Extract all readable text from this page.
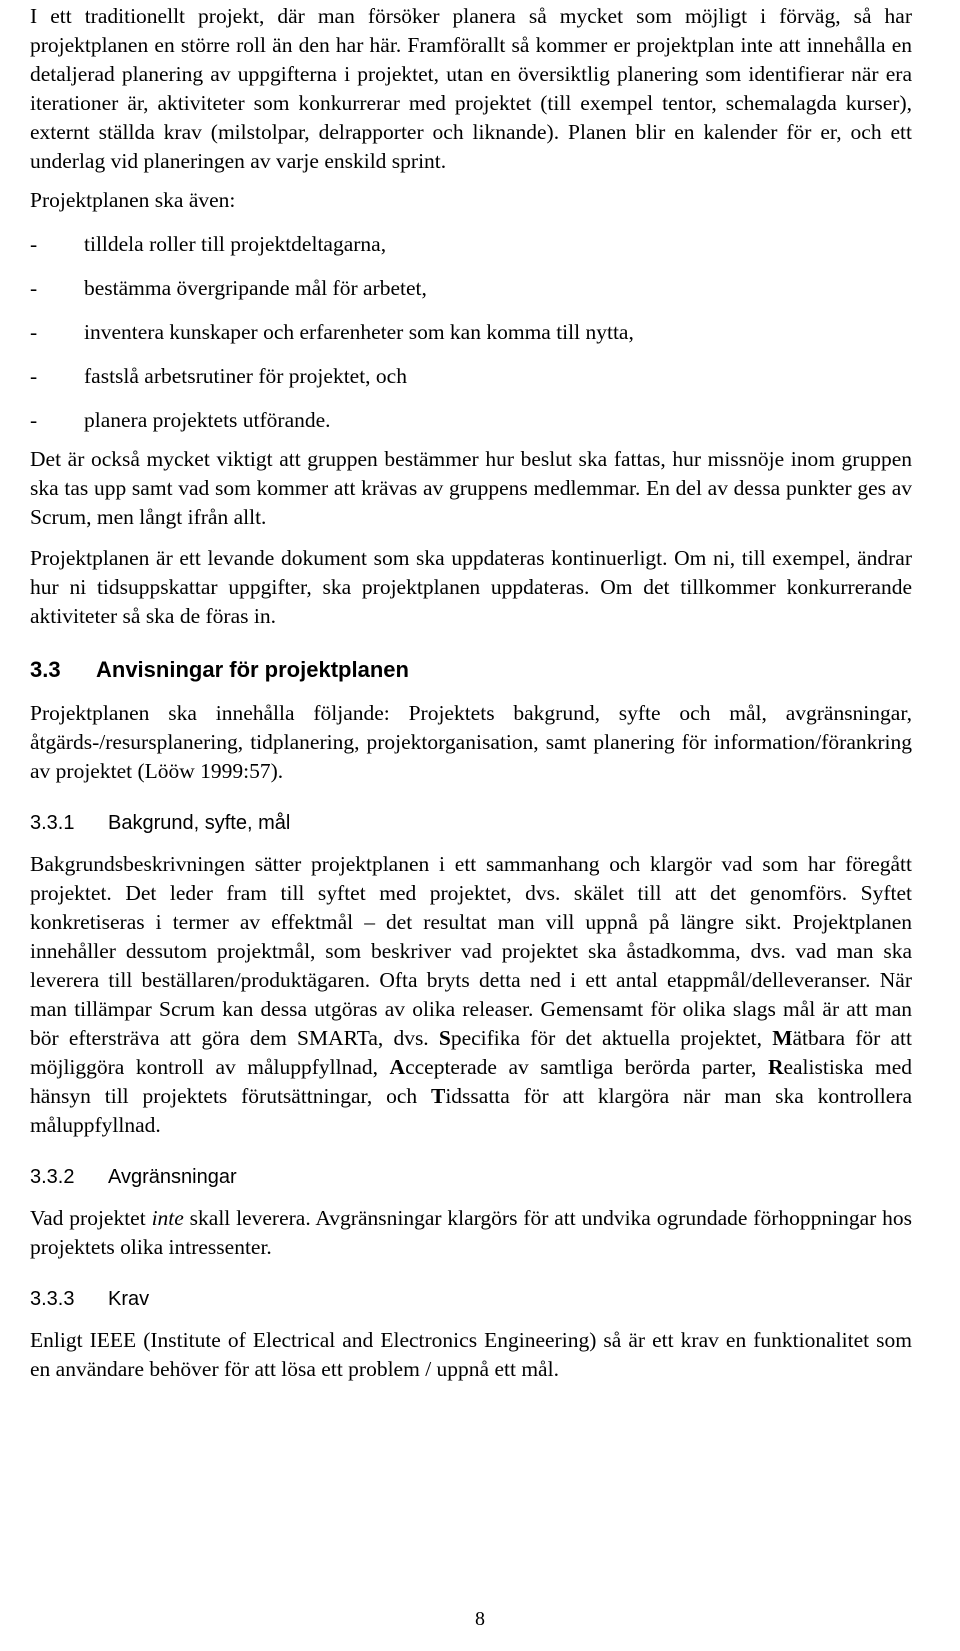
I ett traditionellt projekt, där man försöker planera så mycket som möjligt i förväg, så har projektplanen en större roll än den har här. Framförallt så kommer er projektplan inte att innehålla en detaljerad planering av uppgifterna i projektet, utan en översiktlig planering som identifierar när era iterationer är, aktiviteter som konkurrerar med projektet (till exempel tentor, schemalagda kurser), externt ställda krav (milstolpar, delrapporter och liknande). Planen blir en kalender för er, och ett underlag vid planeringen av varje enskild sprint.

Projektplanen ska även:

- tilldela roller till projektdeltagarna,
- bestämma övergripande mål för arbetet,
- inventera kunskaper och erfarenheter som kan komma till nytta,
- fastslå arbetsrutiner för projektet, och
- planera projektets utförande.

Det är också mycket viktigt att gruppen bestämmer hur beslut ska fattas, hur missnöje inom gruppen ska tas upp samt vad som kommer att krävas av gruppens medlemmar. En del av dessa punkter ges av Scrum, men långt ifrån allt.

Projektplanen är ett levande dokument som ska uppdateras kontinuerligt. Om ni, till exempel, ändrar hur ni tidsuppskattar uppgifter, ska projektplanen uppdateras. Om det tillkommer konkurrerande aktiviteter så ska de föras in.

3.3 Anvisningar för projektplanen

Projektplanen ska innehålla följande: Projektets bakgrund, syfte och mål, avgränsningar, åtgärds-/resursplanering, tidplanering, projektorganisation, samt planering för information/förankring av projektet (Lööw 1999:57).

3.3.1 Bakgrund, syfte, mål

Bakgrundsbeskrivningen sätter projektplanen i ett sammanhang och klargör vad som har föregått projektet. Det leder fram till syftet med projektet, dvs. skälet till att det genomförs. Syftet konkretiseras i termer av effektmål – det resultat man vill uppnå på längre sikt. Projektplanen innehåller dessutom projektmål, som beskriver vad projektet ska åstadkomma, dvs. vad man ska leverera till beställaren/produktägaren. Ofta bryts detta ned i ett antal etappmål/delleveranser. När man tillämpar Scrum kan dessa utgöras av olika releaser. Gemensamt för olika slags mål är att man bör eftersträva att göra dem SMARTa, dvs. Specifika för det aktuella projektet, Mätbara för att möjliggöra kontroll av måluppfyllnad, Accepterade av samtliga berörda parter, Realistiska med hänsyn till projektets förutsättningar, och Tidssatta för att klargöra när man ska kontrollera måluppfyllnad.

3.3.2 Avgränsningar

Vad projektet inte skall leverera. Avgränsningar klargörs för att undvika ogrundade förhoppningar hos projektets olika intressenter.

3.3.3 Krav

Enligt IEEE (Institute of Electrical and Electronics Engineering) så är ett krav en funktionalitet som en användare behöver för att lösa ett problem / uppnå ett mål.

8
